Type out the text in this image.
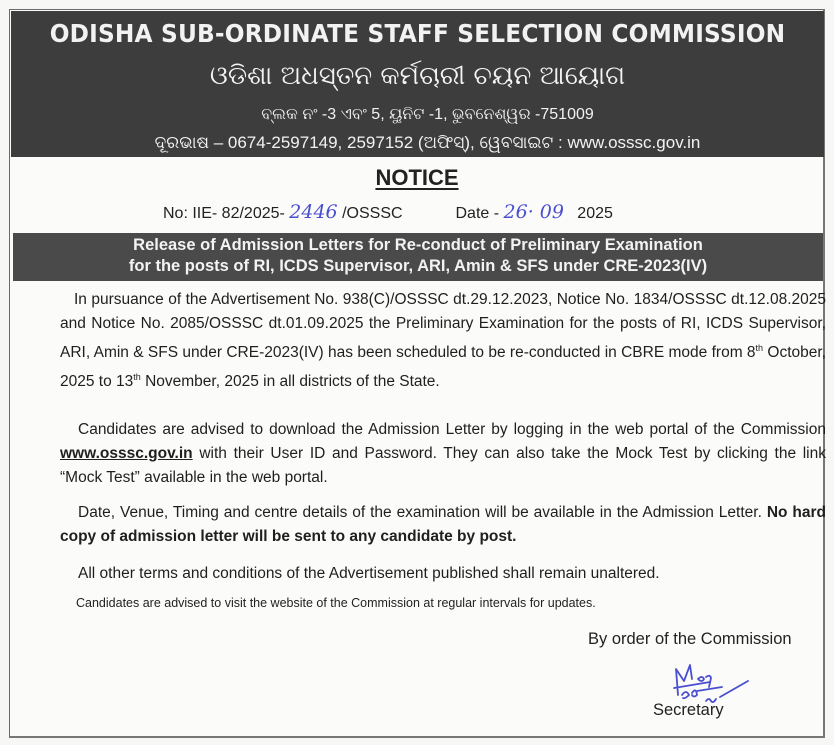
ODISHA SUB-ORDINATE STAFF SELECTION COMMISSION
ଓଡିଶା ଅଧସ୍ତନ କର୍ମଚାରୀ ଚୟନ ଆୟୋଗ
ବ୍ଲକ ନଂ -3 ଏବଂ 5, ୟୁନିଟ -1, ଭୁବନେଶ୍ୱର -751009
ଦୂରଭାଷ – 0674-2597149, 2597152 (ଅଫିସ୍), ୱେବସାଇଟ : www.osssc.gov.in
NOTICE
No: IIE- 82/2025- 2446 /OSSSC	Date - 26· 09 2025
Release of Admission Letters for Re-conduct of Preliminary Examination
for the posts of RI, ICDS Supervisor, ARI, Amin & SFS under CRE-2023(IV)
In pursuance of the Advertisement No. 938(C)/OSSSC dt.29.12.2023, Notice No. 1834/OSSSC dt.12.08.2025 and Notice No. 2085/OSSSC dt.01.09.2025 the Preliminary Examination for the posts of RI, ICDS Supervisor, ARI, Amin & SFS under CRE-2023(IV) has been scheduled to be re-conducted in CBRE mode from 8th October, 2025 to 13th November, 2025 in all districts of the State.
Candidates are advised to download the Admission Letter by logging in the web portal of the Commission www.osssc.gov.in with their User ID and Password. They can also take the Mock Test by clicking the link “Mock Test” available in the web portal.
Date, Venue, Timing and centre details of the examination will be available in the Admission Letter. No hard copy of admission letter will be sent to any candidate by post.
All other terms and conditions of the Advertisement published shall remain unaltered.
Candidates are advised to visit the website of the Commission at regular intervals for updates.
By order of the Commission
Secretary
